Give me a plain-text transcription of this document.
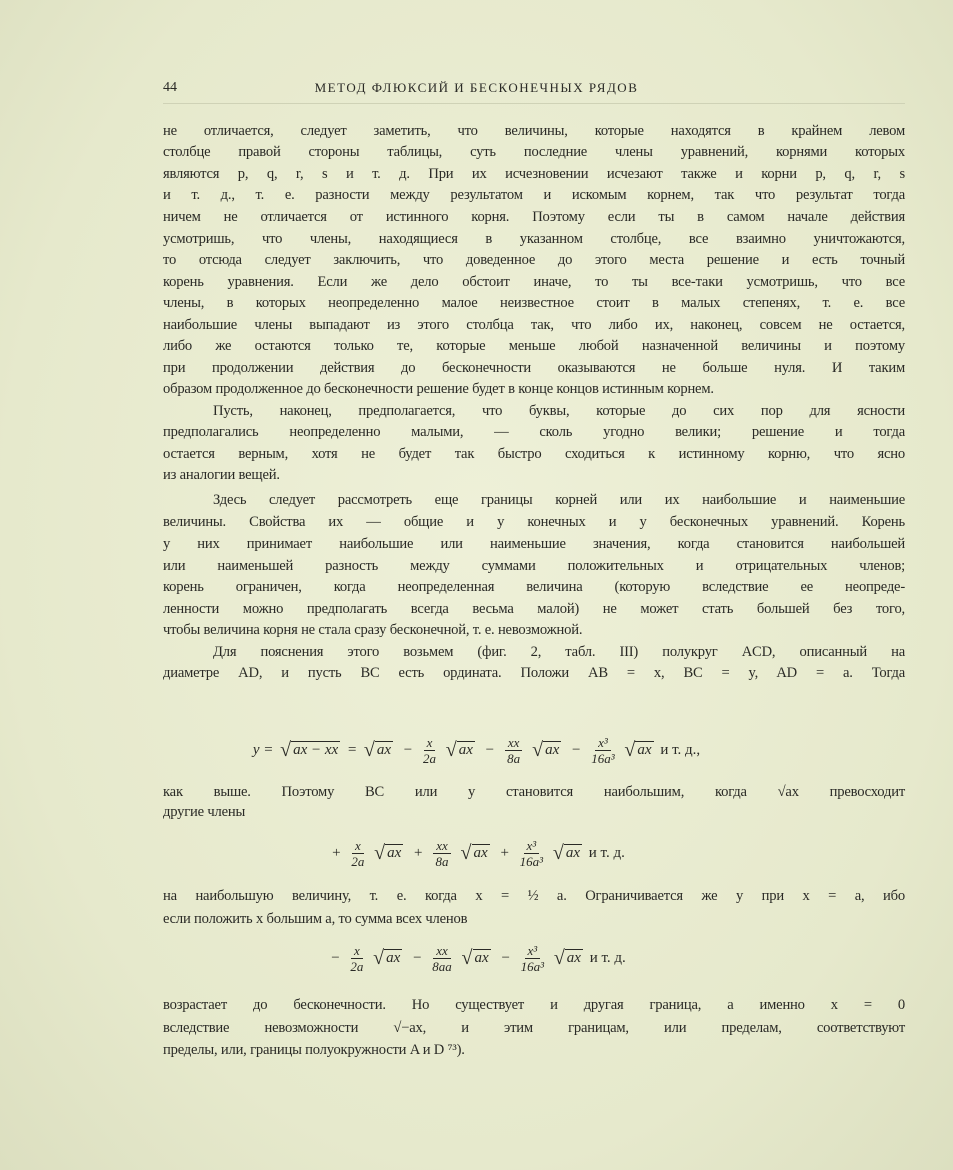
44	МЕТОД ФЛЮКСИЙ И БЕСКОНЕЧНЫХ РЯДОВ
не отличается, следует заметить, что величины, которые находятся в крайнем левом
столбце правой стороны таблицы, суть последние члены уравнений, корнями которых
являются p, q, r, s и т. д. При их исчезновении исчезают также и корни p, q, r, s
и т. д., т. е. разности между результатом и искомым корнем, так что результат тогда
ничем не отличается от истинного корня. Поэтому если ты в самом начале действия
усмотришь, что члены, находящиеся в указанном столбце, все взаимно уничтожаются,
то отсюда следует заключить, что доведенное до этого места решение и есть точный
корень уравнения. Если же дело обстоит иначе, то ты все-таки усмотришь, что все
члены, в которых неопределенно малое неизвестное стоит в малых степенях, т. е. все
наибольшие члены выпадают из этого столбца так, что либо их, наконец, совсем не остается,
либо же остаются только те, которые меньше любой назначенной величины и поэтому
при продолжении действия до бесконечности оказываются не больше нуля. И таким
образом продолженное до бесконечности решение будет в конце концов истинным корнем.
Пусть, наконец, предполагается, что буквы, которые до сих пор для ясности
предполагались неопределенно малыми, — сколь угодно велики; решение и тогда
остается верным, хотя не будет так быстро сходиться к истинному корню, что ясно
из аналогии вещей.
Здесь следует рассмотреть еще границы корней или их наибольшие и наименьшие
величины. Свойства их — общие и у конечных и у бесконечных уравнений. Корень
у них принимает наибольшие или наименьшие значения, когда становится наибольшей
или наименьшей разность между суммами положительных и отрицательных членов;
корень ограничен, когда неопределенная величина (которую вследствие ее неопреде-
ленности можно предполагать всегда весьма малой) не может стать большей без того,
чтобы величина корня не стала сразу бесконечной, т. е. невозможной.
Для пояснения этого возьмем (фиг. 2, табл. III) полукруг ACD, описанный на
диаметре AD, и пусть BC есть ордината. Положи AB = x, BC = y, AD = a. Тогда
как выше. Поэтому BC или y становится наибольшим, когда √ax превосходит
другие члены
на наибольшую величину, т. е. когда x = ½ a. Ограничивается же y при x = a, ибо
если положить x большим a, то сумма всех членов
возрастает до бесконечности. Но существует и другая граница, а именно x = 0
вследствие невозможности √−ax, и этим границам, или пределам, соответствуют
пределы, или, границы полуокружности A и D ⁷³).
y = √ ax − xx = √ ax − $\frac{x}{2a}$ √ ax − $\frac{xx}{8a}$ √ ax − $\frac{\text{x³}}{\text{16a³}}$ √ ax и т. д.,
+ $\frac{x}{2a}$ √ ax + $\frac{xx}{8a}$ √ ax + $\frac{\text{x³}}{\text{16a³}}$ √ ax и т. д.
− $\frac{x}{2a}$ √ ax − $\frac{xx}{8aa}$ √ ax − $\frac{\text{x³}}{\text{16a³}}$ √ ax и т. д.
